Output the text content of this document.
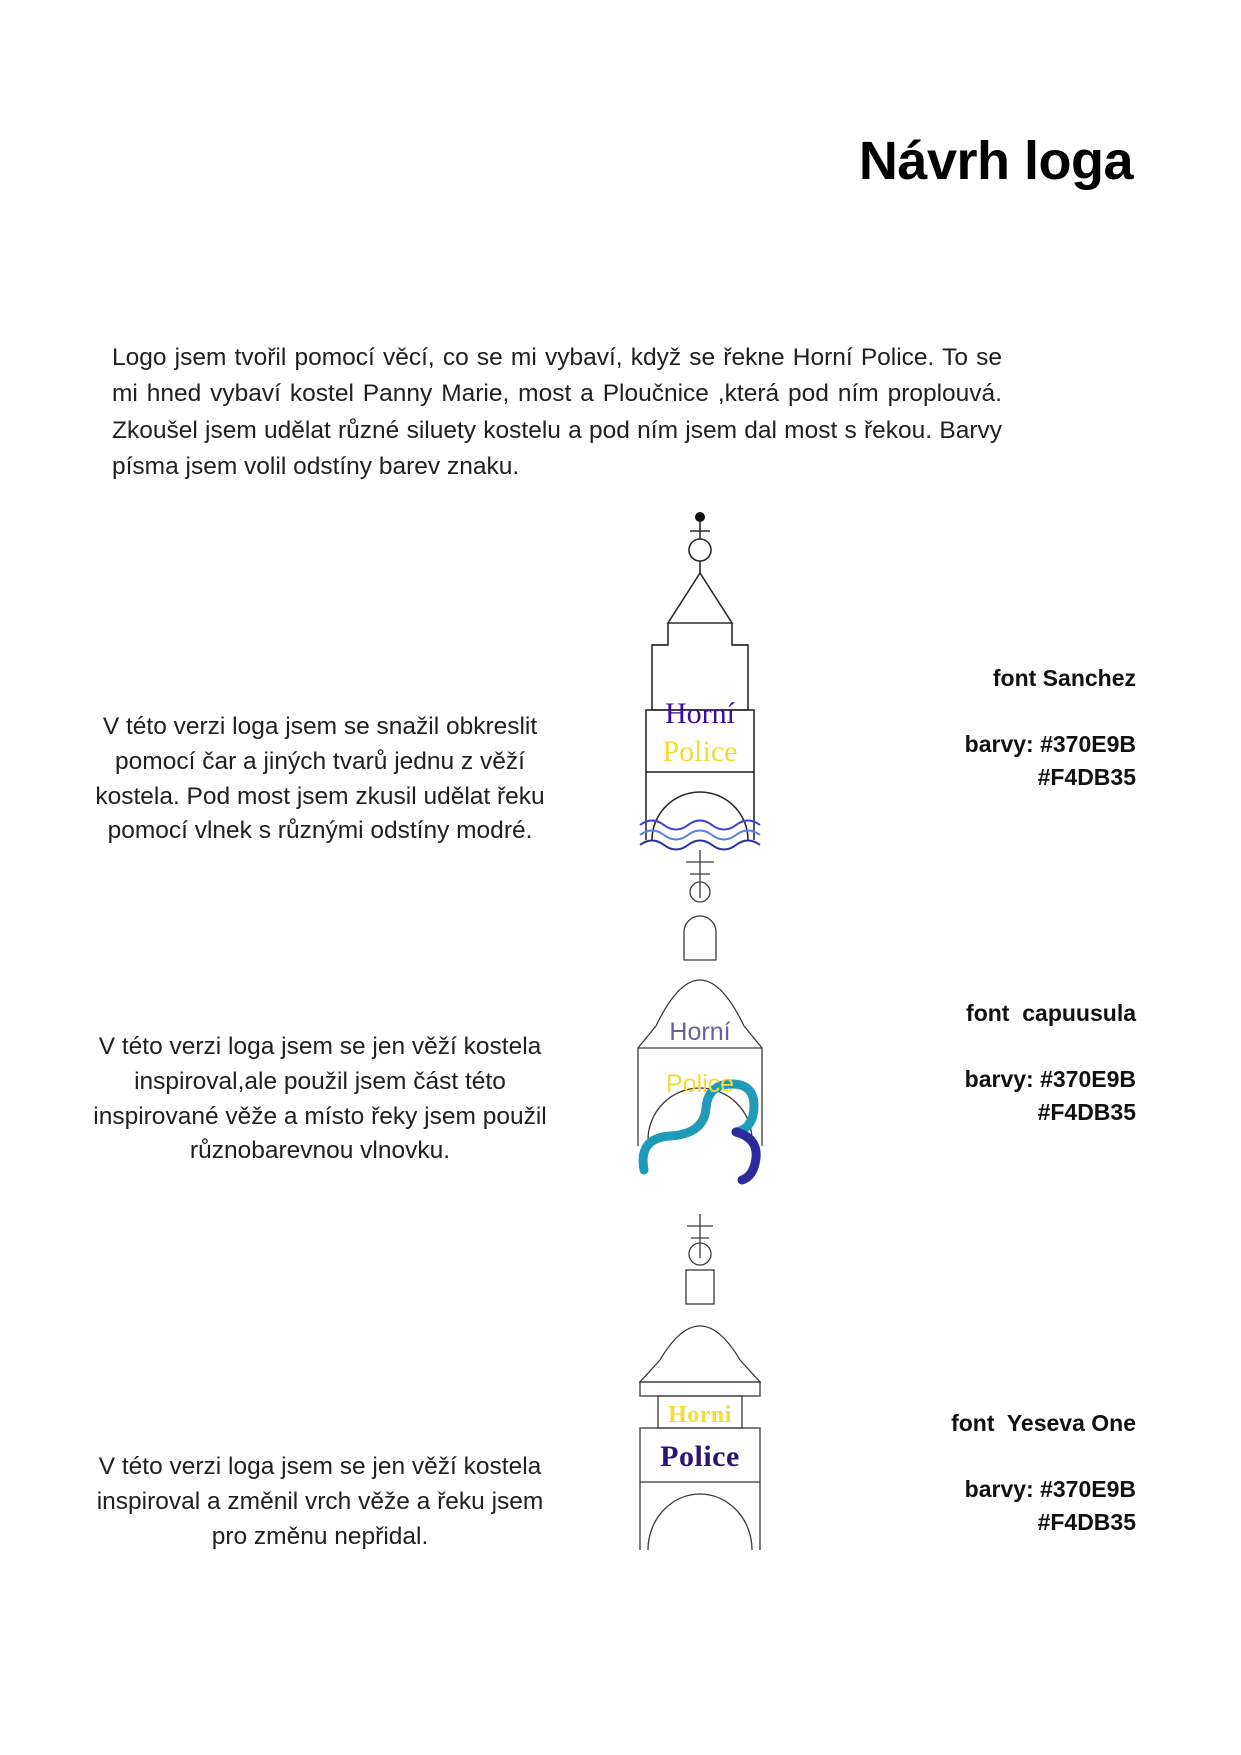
Návrh loga
Logo jsem tvořil pomocí věcí, co se mi vybaví, když se řekne Horní Police. To se mi hned vybaví kostel Panny Marie, most a Ploučnice ,která pod ním proplouvá. Zkoušel jsem udělat různé siluety kostelu a pod ním jsem dal most s řekou. Barvy písma jsem volil odstíny barev znaku.
V této verzi loga jsem se snažil obkreslit pomocí čar a jiných tvarů jednu z věží kostela. Pod most jsem zkusil udělat řeku pomocí vlnek s různými odstíny modré.
Horní
Police
font Sanchez
barvy: #370E9B
#F4DB35
V této verzi loga jsem se jen věží kostela inspiroval,ale použil jsem část této inspirované věže a místo řeky jsem použil různobarevnou vlnovku.
Horní
Police
font  capuusula
barvy: #370E9B
#F4DB35
V této verzi loga jsem se jen věží kostela inspiroval a změnil vrch věže a řeku jsem pro změnu nepřidal.
Horni
Police
font  Yeseva One
barvy: #370E9B
#F4DB35
